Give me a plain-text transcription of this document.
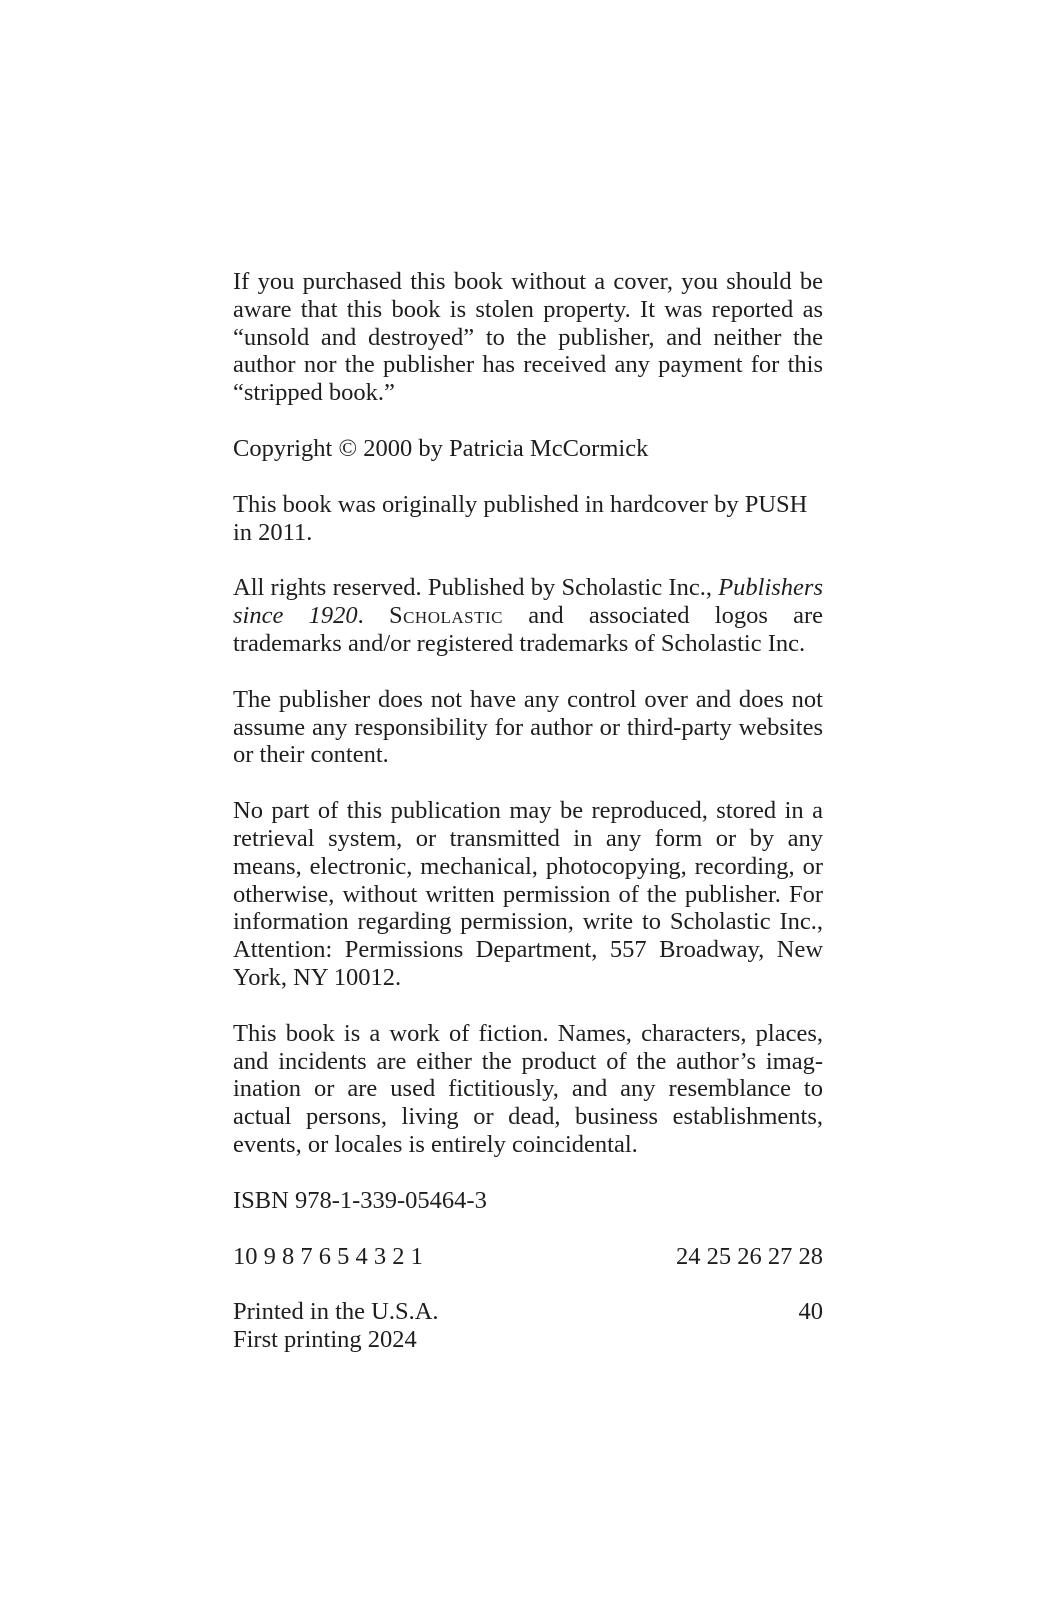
If you purchased this book without a cover, you should be aware that this book is stolen property. It was reported as “unsold and destroyed” to the publisher, and neither the author nor the publisher has received any payment for this “stripped book.”

Copyright © 2000 by Patricia McCormick

This book was originally published in hardcover by PUSH
in 2011.

All rights reserved. Published by Scholastic Inc., Publishers since 1920. Scholastic and associated logos are trademarks and/or registered trademarks of Scholastic Inc.

The publisher does not have any control over and does not assume any responsibility for author or third-party websites or their content.

No part of this publication may be reproduced, stored in a retrieval system, or transmitted in any form or by any means, electronic, mechanical, photocopying, recording, or otherwise, without written permission of the publisher. For information regarding permission, write to Scholastic Inc., Attention: Permissions Department, 557 Broadway, New York, NY 10012.

This book is a work of fiction. Names, characters, places, and incidents are either the product of the author’s imag-ination or are used fictitiously, and any resemblance to actual persons, living or dead, business establishments, events, or locales is entirely coincidental.

ISBN 978-1-339-05464-3

10 9 8 7 6 5 4 3 2 1	24 25 26 27 28
Printed in the U.S.A.
First printing 2024
40
